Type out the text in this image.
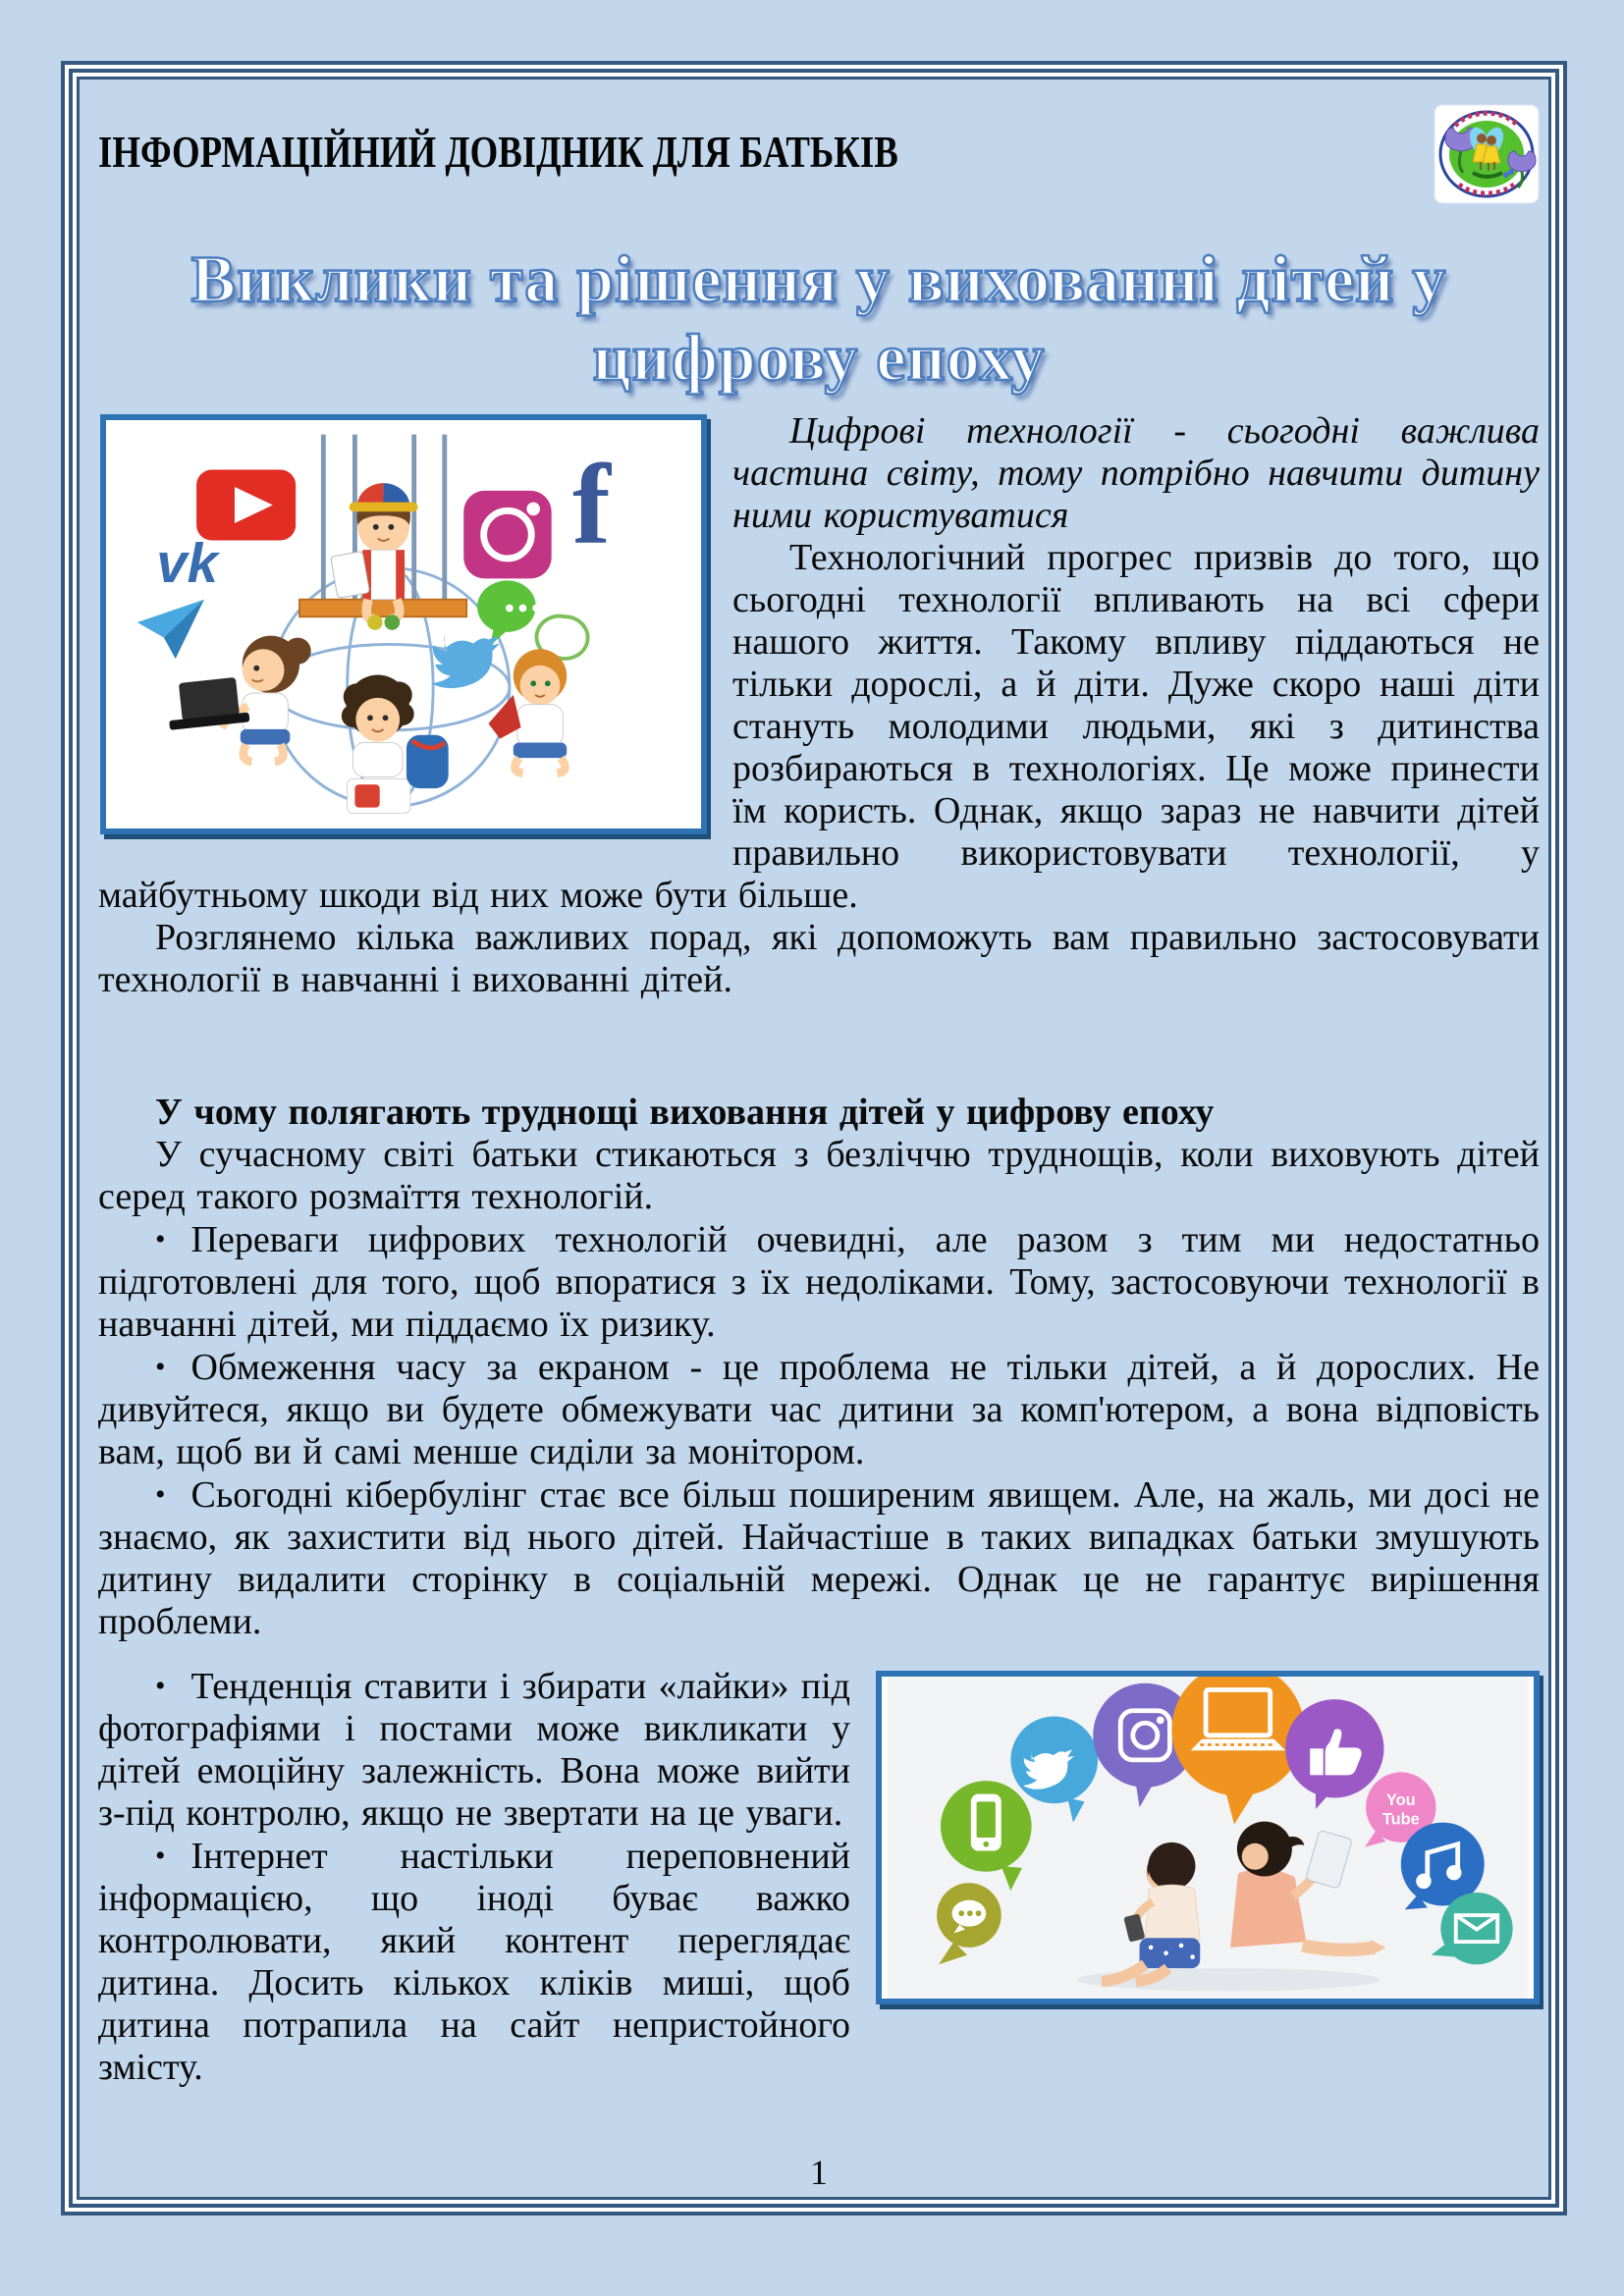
ІНФОРМАЦІЙНИЙ ДОВІДНИК ДЛЯ БАТЬКІВ
Виклики та рішення у вихованні дітей у
цифрову епоху
vk	f

Цифрові технології - сьогодні важлива частина світу, тому потрібно навчити дитину ними користуватися

Технологічний прогрес призвів до того, що сьогодні технології впливають на всі сфери нашого життя. Такому впливу піддаються не тільки дорослі, а й діти. Дуже скоро наші діти стануть молодими людьми, які з дитинства розбираються в технологіях. Це може принести їм користь. Однак, якщо зараз не навчити дітей правильно використовувати технології, у майбутньому шкоди від них може бути більше.

Розглянемо кілька важливих порад, які допоможуть вам правильно застосовувати технології в навчанні і вихованні дітей.

У чому полягають труднощі виховання дітей у цифрову епоху

У сучасному світі батьки стикаються з безліччю труднощів, коли виховують дітей серед такого розмаїття технологій.

• Переваги цифрових технологій очевидні, але разом з тим ми недостатньо підготовлені для того, щоб впоратися з їх недоліками. Тому, застосовуючи технології в навчанні дітей, ми піддаємо їх ризику.

• Обмеження часу за екраном - це проблема не тільки дітей, а й дорослих. Не дивуйтеся, якщо ви будете обмежувати час дитини за комп'ютером, а вона відповість вам, щоб ви й самі менше сиділи за монітором.

• Сьогодні кібербулінг стає все більш поширеним явищем. Але, на жаль, ми досі не знаємо, як захистити від нього дітей. Найчастіше в таких випадках батьки змушують дитину видалити сторінку в соціальній мережі. Однак це не гарантує вирішення проблеми.

You
Tube
• Тенденція ставити і збирати «лайки» під фотографіями і постами може викликати у дітей емоційну залежність. Вона може вийти з-під контролю, якщо не звертати на це уваги.

• Інтернет настільки переповнений інформацією, що іноді буває важко контролювати, який контент переглядає дитина. Досить кількох кліків миші, щоб дитина потрапила на сайт непристойного змісту.

1
